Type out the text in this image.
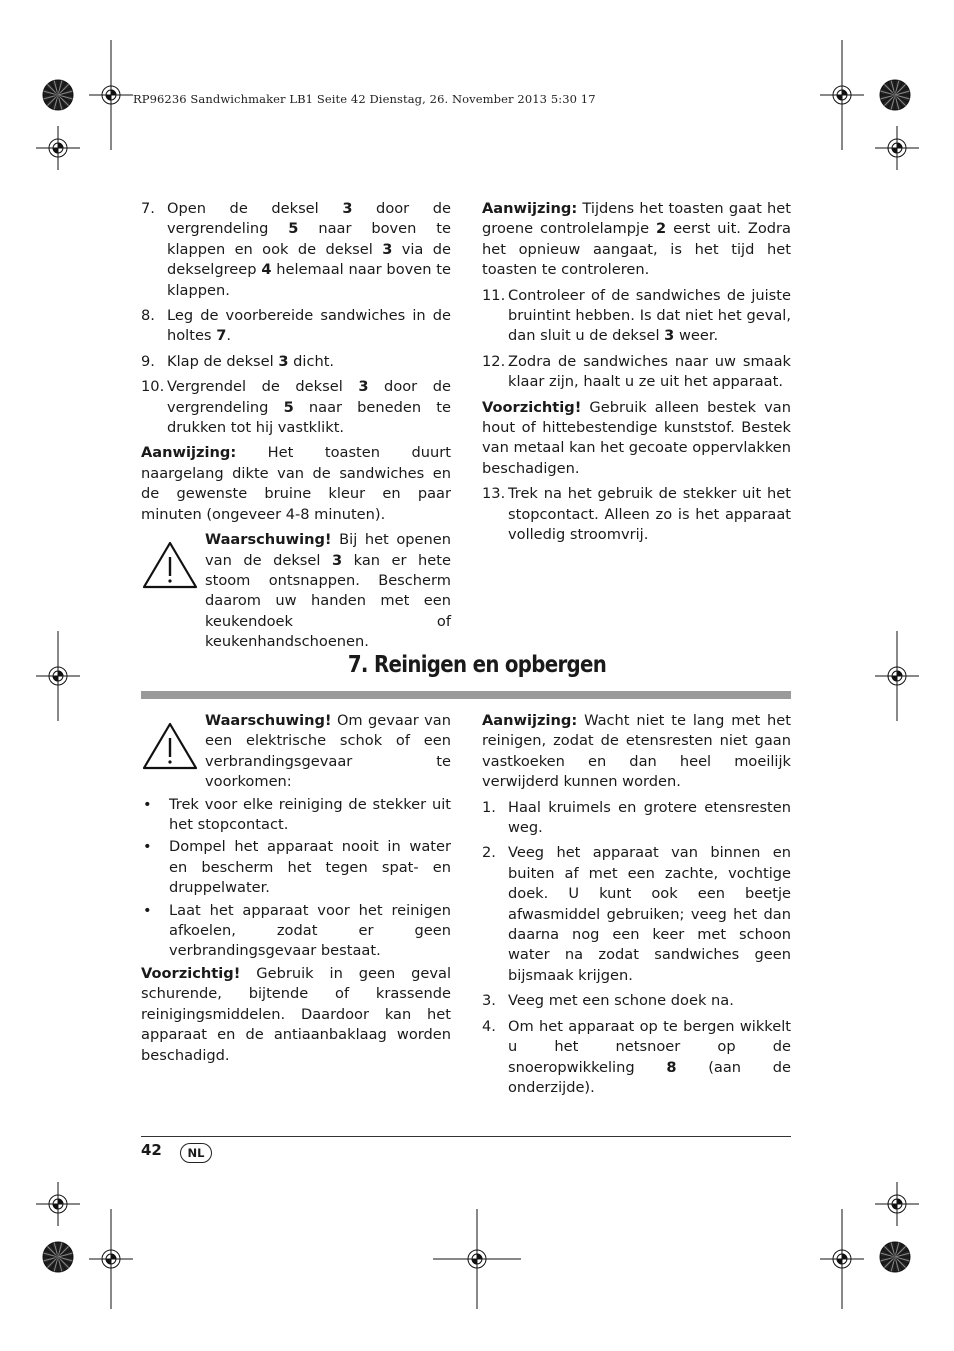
RP96236 Sandwichmaker LB1 Seite 42 Dienstag, 26. November 2013 5:30 17
7. Open de deksel 3 door de vergrendeling 5 naar boven te klappen en ook de deksel 3 via de dekselgreep 4 helemaal naar boven te klappen.
8. Leg de voorbereide sandwiches in de holtes 7.
9. Klap de deksel 3 dicht.
10. Vergrendel de deksel 3 door de vergrendeling 5 naar beneden te drukken tot hij vastklikt.

Aanwijzing: Het toasten duurt naargelang dikte van de sandwiches en de gewenste bruine kleur en paar minuten (ongeveer 4-8 minuten).

Waarschuwing! Bij het openen van de deksel 3 kan er hete stoom ontsnappen. Bescherm daarom uw handen met een keukendoek of keukenhandschoenen.

Aanwijzing: Tijdens het toasten gaat het groene controlelampje 2 eerst uit. Zodra het opnieuw aangaat, is het tijd het toasten te controleren.

11. Controleer of de sandwiches de juiste bruintint hebben. Is dat niet het geval, dan sluit u de deksel 3 weer.
12. Zodra de sandwiches naar uw smaak klaar zijn, haalt u ze uit het apparaat.

Voorzichtig! Gebruik alleen bestek van hout of hittebestendige kunststof. Bestek van metaal kan het gecoate oppervlakken beschadigen.

13. Trek na het gebruik de stekker uit het stopcontact. Alleen zo is het apparaat volledig stroomvrij.
7. Reinigen en opbergen
Waarschuwing! Om gevaar van een elektrische schok of een verbrandingsgevaar te voorkomen:
•	Trek voor elke reiniging de stekker uit het stopcontact.
•	Dompel het apparaat nooit in water en bescherm het tegen spat- en druppelwater.
•	Laat het apparaat voor het reinigen afkoelen, zodat er geen verbrandingsgevaar bestaat.

Voorzichtig! Gebruik in geen geval schurende, bijtende of krassende reinigingsmiddelen. Daardoor kan het apparaat en de antiaanbaklaag worden beschadigd.

Aanwijzing: Wacht niet te lang met het reinigen, zodat de etensresten niet gaan vastkoeken en dan heel moeilijk verwijderd kunnen worden.

1. Haal kruimels en grotere etensresten weg.
2. Veeg het apparaat van binnen en buiten af met een zachte, vochtige doek. U kunt ook een beetje afwasmiddel gebruiken; veeg het dan daarna nog een keer met schoon water na zodat sandwiches geen bijsmaak krijgen.
3. Veeg met een schone doek na.
4. Om het apparaat op te bergen wikkelt u het netsnoer op de snoeropwikkeling 8 (aan de onderzijde).
42	NL
